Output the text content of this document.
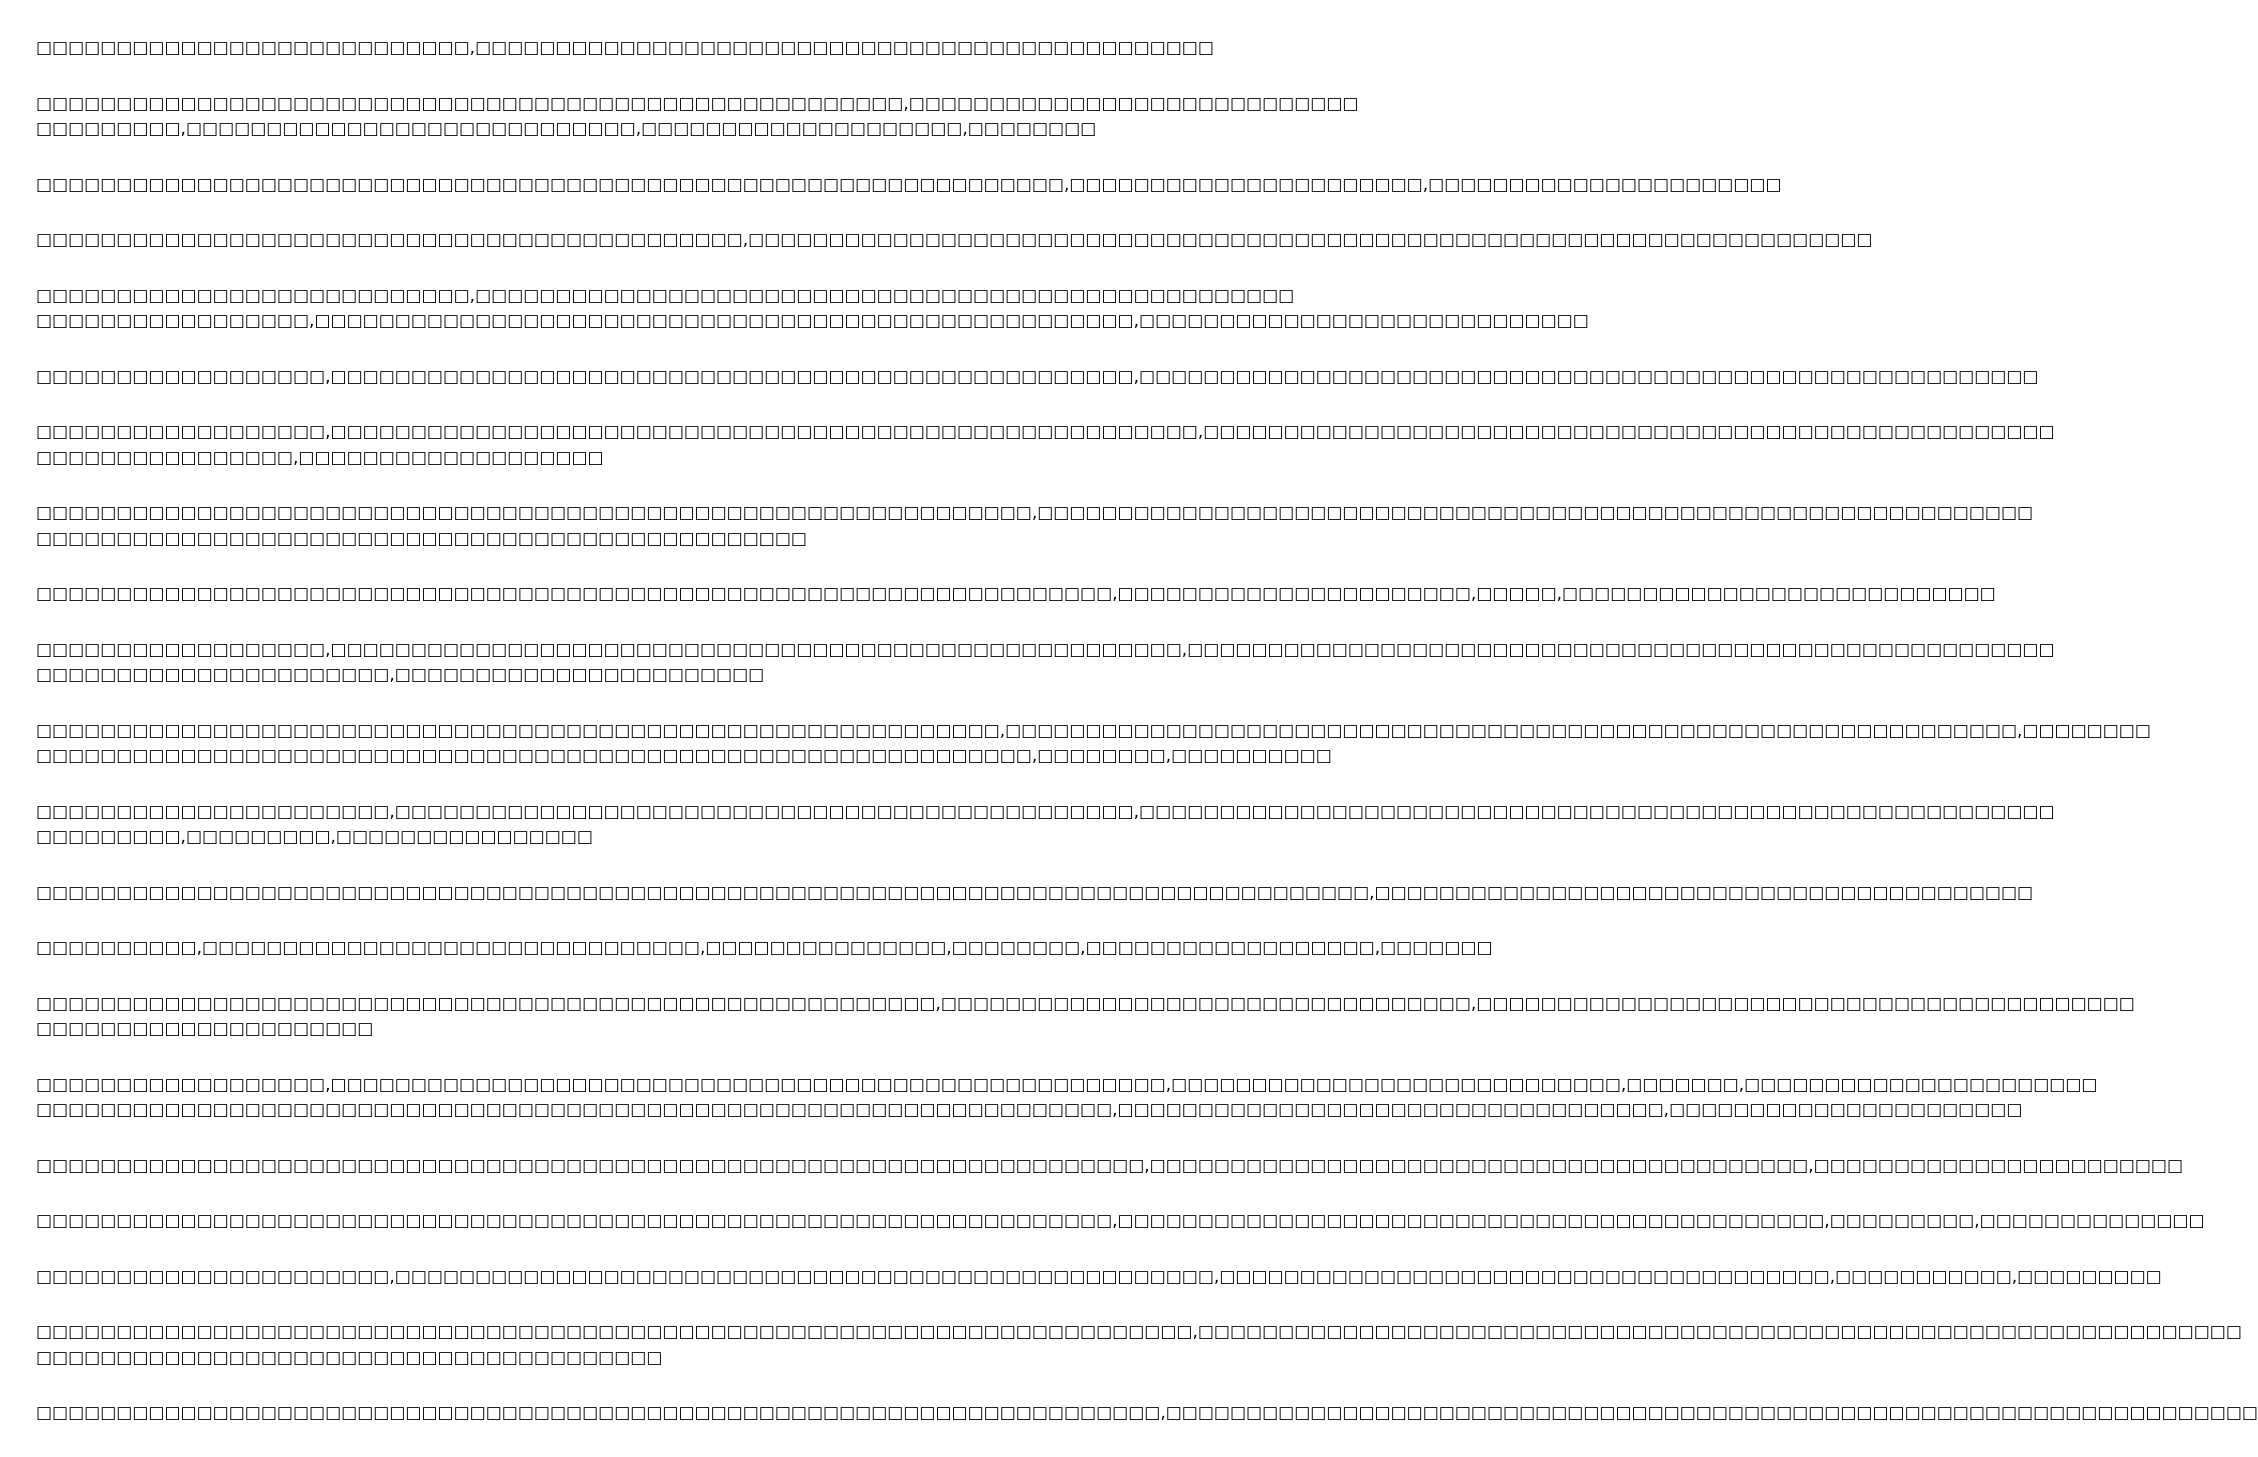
□□□□□□□□□□□□□□□□□□□□□□□□□□□,□□□□□□□□□□□□□□□□□□□□□□□□□□□□□□□□□□□□□□□□□□□□□□
□□□□□□□□□□□□□□□□□□□□□□□□□□□□□□□□□□□□□□□□□□□□□□□□□□□□□□,□□□□□□□□□□□□□□□□□□□□□□□□□□□□
□□□□□□□□□,□□□□□□□□□□□□□□□□□□□□□□□□□□□□,□□□□□□□□□□□□□□□□□□□□,□□□□□□□□
□□□□□□□□□□□□□□□□□□□□□□□□□□□□□□□□□□□□□□□□□□□□□□□□□□□□□□□□□□□□□□□□,□□□□□□□□□□□□□□□□□□□□□□,□□□□□□□□□□□□□□□□□□□□□□
□□□□□□□□□□□□□□□□□□□□□□□□□□□□□□□□□□□□□□□□□□□□,□□□□□□□□□□□□□□□□□□□□□□□□□□□□□□□□□□□□□□□□□□□□□□□□□□□□□□□□□□□□□□□□□□□□□□
□□□□□□□□□□□□□□□□□□□□□□□□□□□,□□□□□□□□□□□□□□□□□□□□□□□□□□□□□□□□□□□□□□□□□□□□□□□□□□□
□□□□□□□□□□□□□□□□□,□□□□□□□□□□□□□□□□□□□□□□□□□□□□□□□□□□□□□□□□□□□□□□□□□□□,□□□□□□□□□□□□□□□□□□□□□□□□□□□□
□□□□□□□□□□□□□□□□□□,□□□□□□□□□□□□□□□□□□□□□□□□□□□□□□□□□□□□□□□□□□□□□□□□□□,□□□□□□□□□□□□□□□□□□□□□□□□□□□□□□□□□□□□□□□□□□□□□□□□□□□□□□□□
□□□□□□□□□□□□□□□□□□,□□□□□□□□□□□□□□□□□□□□□□□□□□□□□□□□□□□□□□□□□□□□□□□□□□□□□□,□□□□□□□□□□□□□□□□□□□□□□□□□□□□□□□□□□□□□□□□□□□□□□□□□□□□□
□□□□□□□□□□□□□□□□,□□□□□□□□□□□□□□□□□□□
□□□□□□□□□□□□□□□□□□□□□□□□□□□□□□□□□□□□□□□□□□□□□□□□□□□□□□□□□□□□□□,□□□□□□□□□□□□□□□□□□□□□□□□□□□□□□□□□□□□□□□□□□□□□□□□□□□□□□□□□□□□□□
□□□□□□□□□□□□□□□□□□□□□□□□□□□□□□□□□□□□□□□□□□□□□□□□
□□□□□□□□□□□□□□□□□□□□□□□□□□□□□□□□□□□□□□□□□□□□□□□□□□□□□□□□□□□□□□□□□□□,□□□□□□□□□□□□□□□□□□□□□□,□□□□□,□□□□□□□□□□□□□□□□□□□□□□□□□□□
□□□□□□□□□□□□□□□□□□,□□□□□□□□□□□□□□□□□□□□□□□□□□□□□□□□□□□□□□□□□□□□□□□□□□□□□,□□□□□□□□□□□□□□□□□□□□□□□□□□□□□□□□□□□□□□□□□□□□□□□□□□□□□□
□□□□□□□□□□□□□□□□□□□□□□,□□□□□□□□□□□□□□□□□□□□□□□
□□□□□□□□□□□□□□□□□□□□□□□□□□□□□□□□□□□□□□□□□□□□□□□□□□□□□□□□□□□□,□□□□□□□□□□□□□□□□□□□□□□□□□□□□□□□□□□□□□□□□□□□□□□□□□□□□□□□□□□□□□□□,□□□□□□□□
□□□□□□□□□□□□□□□□□□□□□□□□□□□□□□□□□□□□□□□□□□□□□□□□□□□□□□□□□□□□□□,□□□□□□□□,□□□□□□□□□□
□□□□□□□□□□□□□□□□□□□□□□,□□□□□□□□□□□□□□□□□□□□□□□□□□□□□□□□□□□□□□□□□□□□□□,□□□□□□□□□□□□□□□□□□□□□□□□□□□□□□□□□□□□□□□□□□□□□□□□□□□□□□□□□
□□□□□□□□□,□□□□□□□□□,□□□□□□□□□□□□□□□□
□□□□□□□□□□□□□□□□□□□□□□□□□□□□□□□□□□□□□□□□□□□□□□□□□□□□□□□□□□□□□□□□□□□□□□□□□□□□□□□□□□□,□□□□□□□□□□□□□□□□□□□□□□□□□□□□□□□□□□□□□□□□□
□□□□□□□□□□,□□□□□□□□□□□□□□□□□□□□□□□□□□□□□□□,□□□□□□□□□□□□□□□,□□□□□□□□,□□□□□□□□□□□□□□□□□□,□□□□□□□
□□□□□□□□□□□□□□□□□□□□□□□□□□□□□□□□□□□□□□□□□□□□□□□□□□□□□□□□,□□□□□□□□□□□□□□□□□□□□□□□□□□□□□□□□□,□□□□□□□□□□□□□□□□□□□□□□□□□□□□□□□□□□□□□□□□□
□□□□□□□□□□□□□□□□□□□□□
□□□□□□□□□□□□□□□□□□,□□□□□□□□□□□□□□□□□□□□□□□□□□□□□□□□□□□□□□□□□□□□□□□□□□□□,□□□□□□□□□□□□□□□□□□□□□□□□□□□□,□□□□□□□,□□□□□□□□□□□□□□□□□□□□□□
□□□□□□□□□□□□□□□□□□□□□□□□□□□□□□□□□□□□□□□□□□□□□□□□□□□□□□□□□□□□□□□□□□□,□□□□□□□□□□□□□□□□□□□□□□□□□□□□□□□□□□,□□□□□□□□□□□□□□□□□□□□□□
□□□□□□□□□□□□□□□□□□□□□□□□□□□□□□□□□□□□□□□□□□□□□□□□□□□□□□□□□□□□□□□□□□□□□,□□□□□□□□□□□□□□□□□□□□□□□□□□□□□□□□□□□□□□□□□,□□□□□□□□□□□□□□□□□□□□□□□
□□□□□□□□□□□□□□□□□□□□□□□□□□□□□□□□□□□□□□□□□□□□□□□□□□□□□□□□□□□□□□□□□□□,□□□□□□□□□□□□□□□□□□□□□□□□□□□□□□□□□□□□□□□□□□□□,□□□□□□□□□,□□□□□□□□□□□□□□
□□□□□□□□□□□□□□□□□□□□□□,□□□□□□□□□□□□□□□□□□□□□□□□□□□□□□□□□□□□□□□□□□□□□□□□□□□,□□□□□□□□□□□□□□□□□□□□□□□□□□□□□□□□□□□□□□,□□□□□□□□□□□,□□□□□□□□□
□□□□□□□□□□□□□□□□□□□□□□□□□□□□□□□□□□□□□□□□□□□□□□□□□□□□□□□□□□□□□□□□□□□□□□□□,□□□□□□□□□□□□□□□□□□□□□□□□□□□□□□□□□□□□□□□□□□□□□□□□□□□□□□□□□□□□□□□□□
□□□□□□□□□□□□□□□□□□□□□□□□□□□□□□□□□□□□□□□
□□□□□□□□□□□□□□□□□□□□□□□□□□□□□□□□□□□□□□□□□□□□□□□□□□□□□□□□□□□□□□□□□□□□□□,□□□□□□□□□□□□□□□□□□□□□□□□□□□□□□□□□□□□□□□□□□□□□□□□□□□□□□□□□□□□□□□□□□□□
